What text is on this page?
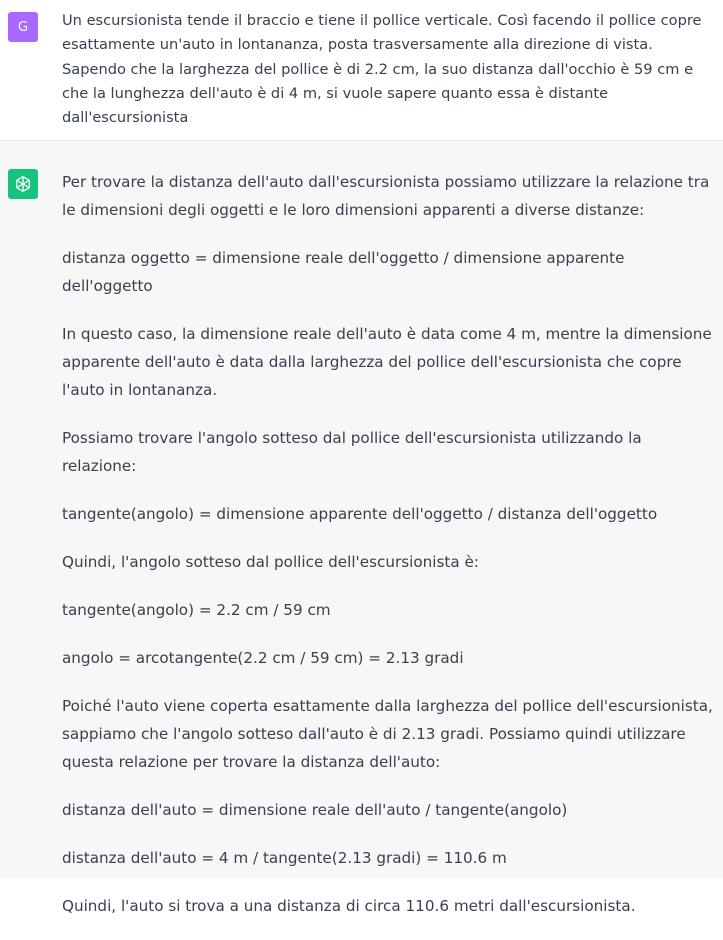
G Un escursionista tende il braccio e tiene il pollice verticale. Così facendo il pollice copre esattamente un'auto in lontananza, posta trasversamente alla direzione di vista. Sapendo che la larghezza del pollice è di 2.2 cm, la suo distanza dall'occhio è 59 cm e che la lunghezza dell'auto è di 4 m, si vuole sapere quanto essa è distante dall'escursionista

Per trovare la distanza dell'auto dall'escursionista possiamo utilizzare la relazione tra le dimensioni degli oggetti e le loro dimensioni apparenti a diverse distanze:

distanza oggetto = dimensione reale dell'oggetto / dimensione apparente dell'oggetto

In questo caso, la dimensione reale dell'auto è data come 4 m, mentre la dimensione apparente dell'auto è data dalla larghezza del pollice dell'escursionista che copre l'auto in lontananza.

Possiamo trovare l'angolo sotteso dal pollice dell'escursionista utilizzando la relazione:

tangente(angolo) = dimensione apparente dell'oggetto / distanza dell'oggetto

Quindi, l'angolo sotteso dal pollice dell'escursionista è:

tangente(angolo) = 2.2 cm / 59 cm

angolo = arcotangente(2.2 cm / 59 cm) = 2.13 gradi

Poiché l'auto viene coperta esattamente dalla larghezza del pollice dell'escursionista, sappiamo che l'angolo sotteso dall'auto è di 2.13 gradi. Possiamo quindi utilizzare questa relazione per trovare la distanza dell'auto:

distanza dell'auto = dimensione reale dell'auto / tangente(angolo)

distanza dell'auto = 4 m / tangente(2.13 gradi) = 110.6 m

Quindi, l'auto si trova a una distanza di circa 110.6 metri dall'escursionista.
